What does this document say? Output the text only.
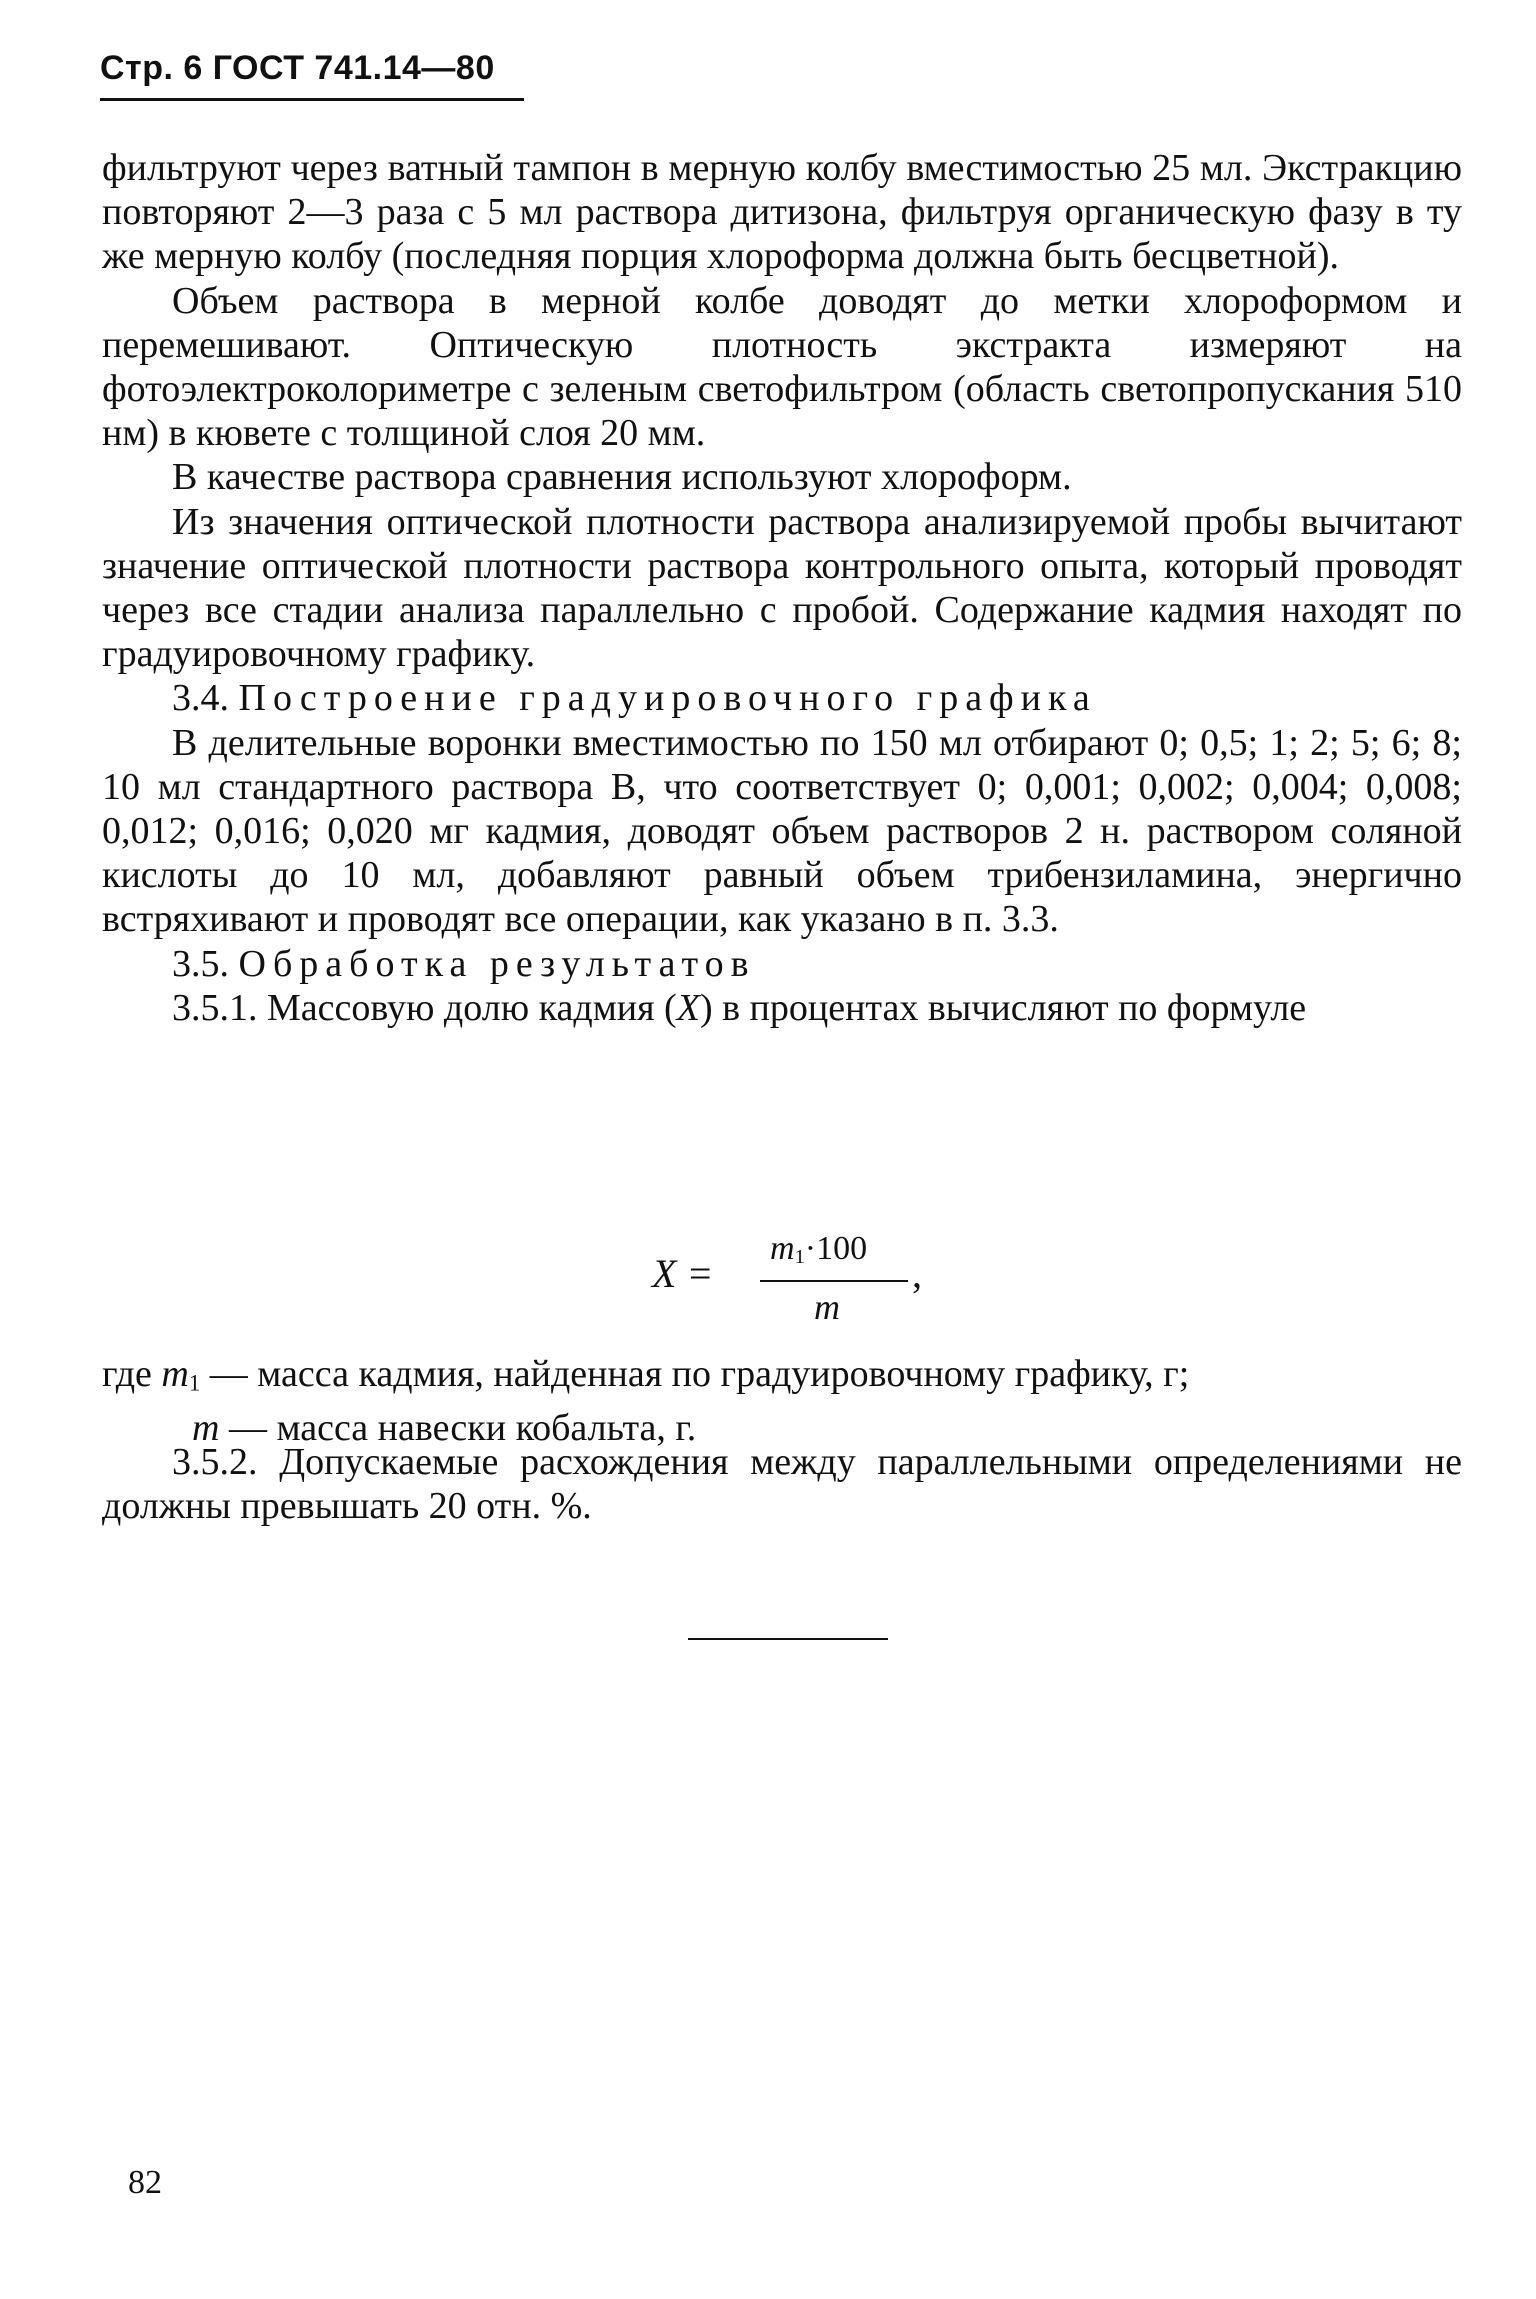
Стр. 6 ГОСТ 741.14—80

фильтруют через ватный тампон в мерную колбу вместимостью 25 мл. Экстракцию повторяют 2—3 раза с 5 мл раствора дитизона, фильтруя органическую фазу в ту же мерную колбу (последняя порция хлороформа должна быть бесцветной).

Объем раствора в мерной колбе доводят до метки хлороформом и перемешивают. Оптическую плотность экстракта измеряют на фотоэлектроколориметре с зеленым светофильтром (область светопропускания 510 нм) в кювете с толщиной слоя 20 мм.

В качестве раствора сравнения используют хлороформ.

Из значения оптической плотности раствора анализируемой пробы вычитают значение оптической плотности раствора контрольного опыта, который проводят через все стадии анализа параллельно с пробой. Содержание кадмия находят по градуировочному графику.

3.4. Построение градуировочного графика

В делительные воронки вместимостью по 150 мл отбирают 0; 0,5; 1; 2; 5; 6; 8; 10 мл стандартного раствора В, что соответствует 0; 0,001; 0,002; 0,004; 0,008; 0,012; 0,016; 0,020 мг кадмия, доводят объем растворов 2 н. раствором соляной кислоты до 10 мл, добавляют равный объем трибензиламина, энергично встряхивают и проводят все операции, как указано в п. 3.3.

3.5. Обработка результатов

3.5.1. Массовую долю кадмия (X) в процентах вычисляют по формуле

X =
$m_1\cdot 100$
m
,
где $m_1$ — масса кадмия, найденная по градуировочному графику, г;
m — масса навески кобальта, г.

3.5.2. Допускаемые расхождения между параллельными определениями не должны превышать 20 отн. %.

82
